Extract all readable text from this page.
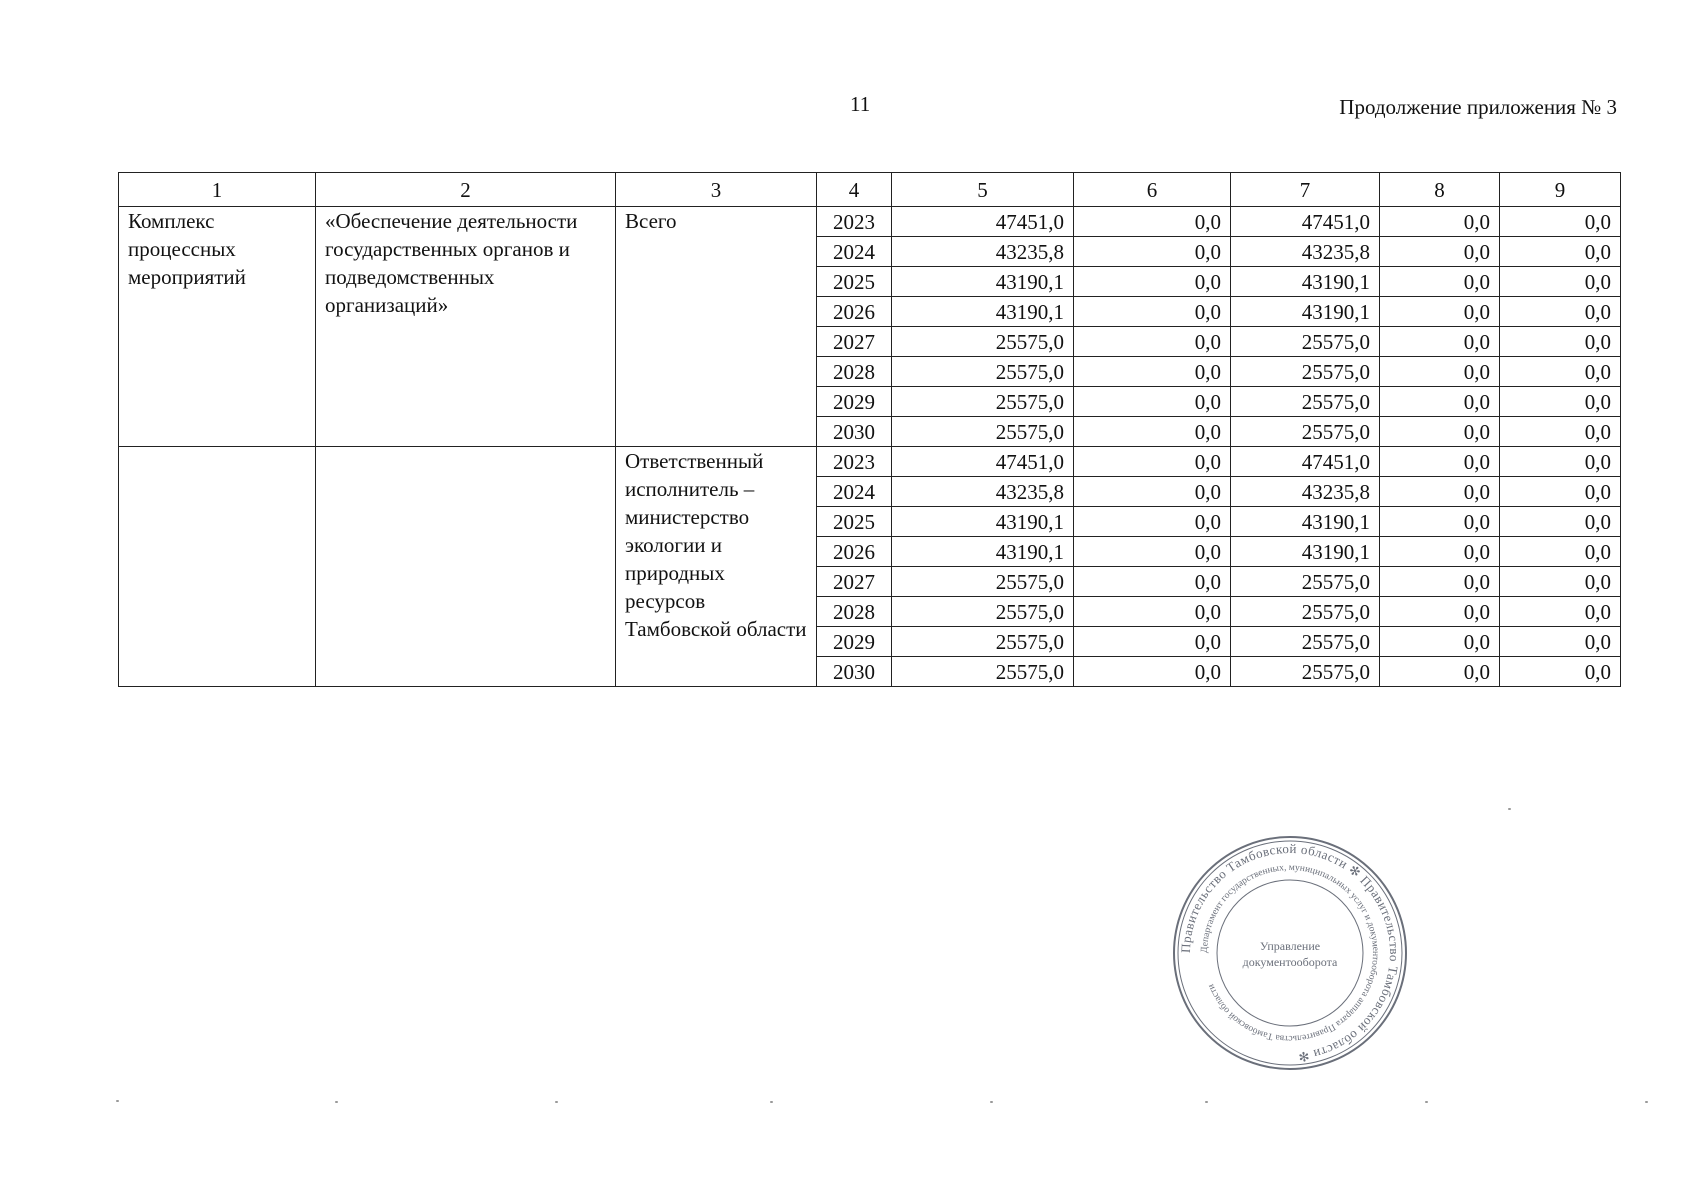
11	Продолжение приложения № 3
1	2	3	4	5	6	7	8	9
Комплекс процессных мероприятий	«Обеспечение деятельности государственных органов и подведомственных организаций»	Всего	2023	47451,0	0,0	47451,0	0,0	0,0
			2024	43235,8	0,0	43235,8	0,0	0,0
			2025	43190,1	0,0	43190,1	0,0	0,0
			2026	43190,1	0,0	43190,1	0,0	0,0
			2027	25575,0	0,0	25575,0	0,0	0,0
			2028	25575,0	0,0	25575,0	0,0	0,0
			2029	25575,0	0,0	25575,0	0,0	0,0
			2030	25575,0	0,0	25575,0	0,0	0,0
		Ответственный исполнитель – министерство экологии и природных ресурсов Тамбовской области	2023	47451,0	0,0	47451,0	0,0	0,0
			2024	43235,8	0,0	43235,8	0,0	0,0
			2025	43190,1	0,0	43190,1	0,0	0,0
			2026	43190,1	0,0	43190,1	0,0	0,0
			2027	25575,0	0,0	25575,0	0,0	0,0
			2028	25575,0	0,0	25575,0	0,0	0,0
			2029	25575,0	0,0	25575,0	0,0	0,0
			2030	25575,0	0,0	25575,0	0,0	0,0
Правительство Тамбовской области ✻ Правительство Тамбовской области ✻
Департамент государственных, муниципальных услуг и документооборота аппарата Правительства Тамбовской области
Управление
документооборота
